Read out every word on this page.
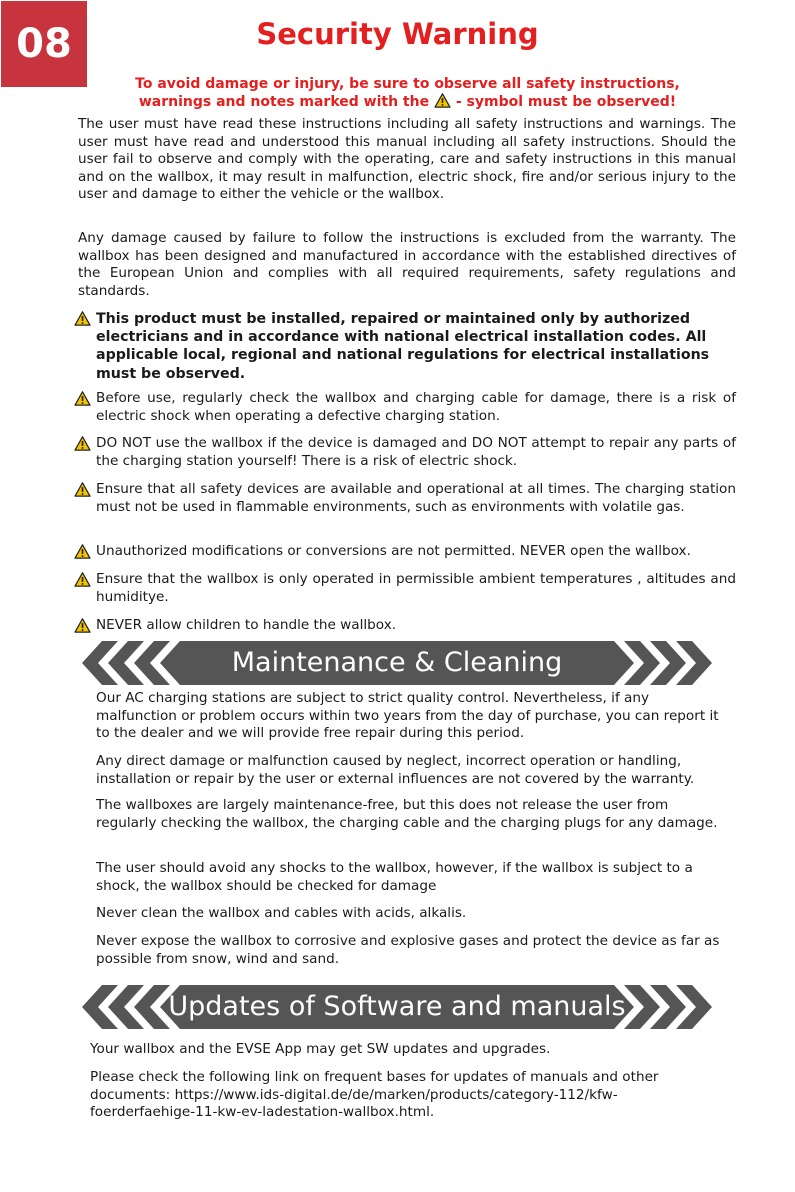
08	Security Warning
To avoid damage or injury, be sure to observe all safety instructions,
warnings and notes marked with the - symbol must be observed!
The user must have read these instructions including all safety instructions and warnings. The user must have read and understood this manual including all safety instructions. Should the user fail to observe and comply with the operating, care and safety instructions in this manual and on the wallbox, it may result in malfunction, electric shock, fire and/or serious injury to the user and damage to either the vehicle or the wallbox.
Any damage caused by failure to follow the instructions is excluded from the warranty. The wallbox has been designed and manufactured in accordance with the established directives of the European Union and complies with all required requirements, safety regulations and standards.
This product must be installed, repaired or maintained only by authorized electricians and in accordance with national electrical installation codes. All applicable local, regional and national regulations for electrical installations must be observed.
Before use, regularly check the wallbox and charging cable for damage, there is a risk of electric shock when operating a defective charging station.
DO NOT use the wallbox if the device is damaged and DO NOT attempt to repair any parts of the charging station yourself! There is a risk of electric shock.
Ensure that all safety devices are available and operational at all times. The charging station must not be used in flammable environments, such as environments with volatile gas.
Unauthorized modifications or conversions are not permitted. NEVER open the wallbox.
Ensure that the wallbox is only operated in permissible ambient temperatures , altitudes and humiditye.
NEVER allow children to handle the wallbox.
Maintenance & Cleaning
Our AC charging stations are subject to strict quality control. Nevertheless, if any malfunction or problem occurs within two years from the day of purchase, you can report it to the dealer and we will provide free repair during this period.
Any direct damage or malfunction caused by neglect, incorrect operation or handling, installation or repair by the user or external influences are not covered by the warranty.
The wallboxes are largely maintenance-free, but this does not release the user from regularly checking the wallbox, the charging cable and the charging plugs for any damage.
The user should avoid any shocks to the wallbox, however, if the wallbox is subject to a shock, the wallbox should be checked for damage
Never clean the wallbox and cables with acids, alkalis.
Never expose the wallbox to corrosive and explosive gases and protect the device as far as possible from snow, wind and sand.
Updates of Software and manuals
Your wallbox and the EVSE App may get SW updates and upgrades.
Please check the following link on frequent bases for updates of manuals and other documents: https://www.ids-digital.de/de/marken/products/category-112/kfw-foerderfaehige-11-kw-ev-ladestation-wallbox.html.
